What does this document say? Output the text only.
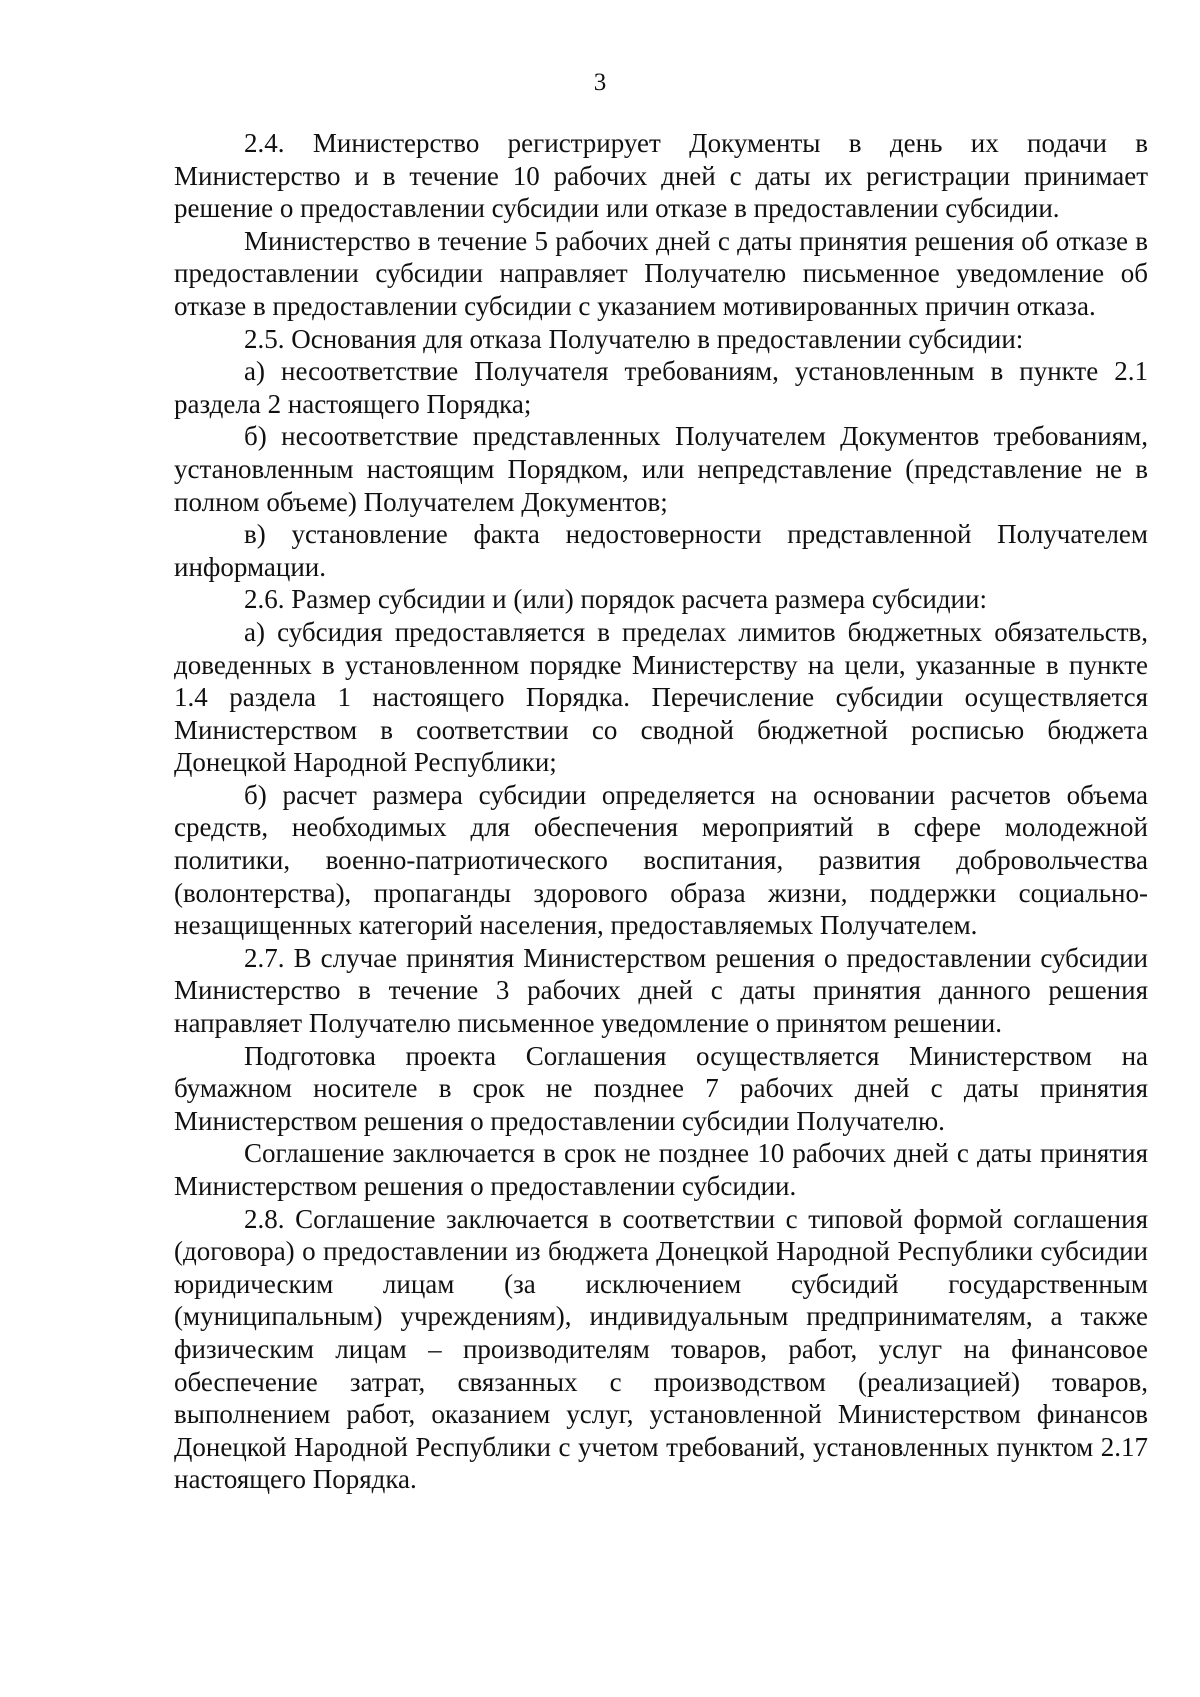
3

2.4. Министерство регистрирует Документы в день их подачи в Министерство и в течение 10 рабочих дней с даты их регистрации принимает решение о предоставлении субсидии или отказе в предоставлении субсидии.

Министерство в течение 5 рабочих дней с даты принятия решения об отказе в предоставлении субсидии направляет Получателю письменное уведомление об отказе в предоставлении субсидии с указанием мотивированных причин отказа.

2.5. Основания для отказа Получателю в предоставлении субсидии:

а) несоответствие Получателя требованиям, установленным в пункте 2.1 раздела 2 настоящего Порядка;

б) несоответствие представленных Получателем Документов требованиям, установленным настоящим Порядком, или непредставление (представление не в полном объеме) Получателем Документов;

в) установление факта недостоверности представленной Получателем информации.

2.6. Размер субсидии и (или) порядок расчета размера субсидии:

а) субсидия предоставляется в пределах лимитов бюджетных обязательств, доведенных в установленном порядке Министерству на цели, указанные в пункте 1.4 раздела 1 настоящего Порядка. Перечисление субсидии осуществляется Министерством в соответствии со сводной бюджетной росписью бюджета Донецкой Народной Республики;

б) расчет размера субсидии определяется на основании расчетов объема средств, необходимых для обеспечения мероприятий в сфере молодежной политики, военно-патриотического воспитания, развития добровольчества (волонтерства), пропаганды здорового образа жизни, поддержки социально-незащищенных категорий населения, предоставляемых Получателем.

2.7. В случае принятия Министерством решения о предоставлении субсидии Министерство в течение 3 рабочих дней с даты принятия данного решения направляет Получателю письменное уведомление о принятом решении.

Подготовка проекта Соглашения осуществляется Министерством на бумажном носителе в срок не позднее 7 рабочих дней с даты принятия Министерством решения о предоставлении субсидии Получателю.

Соглашение заключается в срок не позднее 10 рабочих дней с даты принятия Министерством решения о предоставлении субсидии.

2.8. Соглашение заключается в соответствии с типовой формой соглашения (договора) о предоставлении из бюджета Донецкой Народной Республики субсидии юридическим лицам (за исключением субсидий государственным (муниципальным) учреждениям), индивидуальным предпринимателям, а также физическим лицам – производителям товаров, работ, услуг на финансовое обеспечение затрат, связанных с производством (реализацией) товаров, выполнением работ, оказанием услуг, установленной Министерством финансов Донецкой Народной Республики с учетом требований, установленных пунктом 2.17 настоящего Порядка.
